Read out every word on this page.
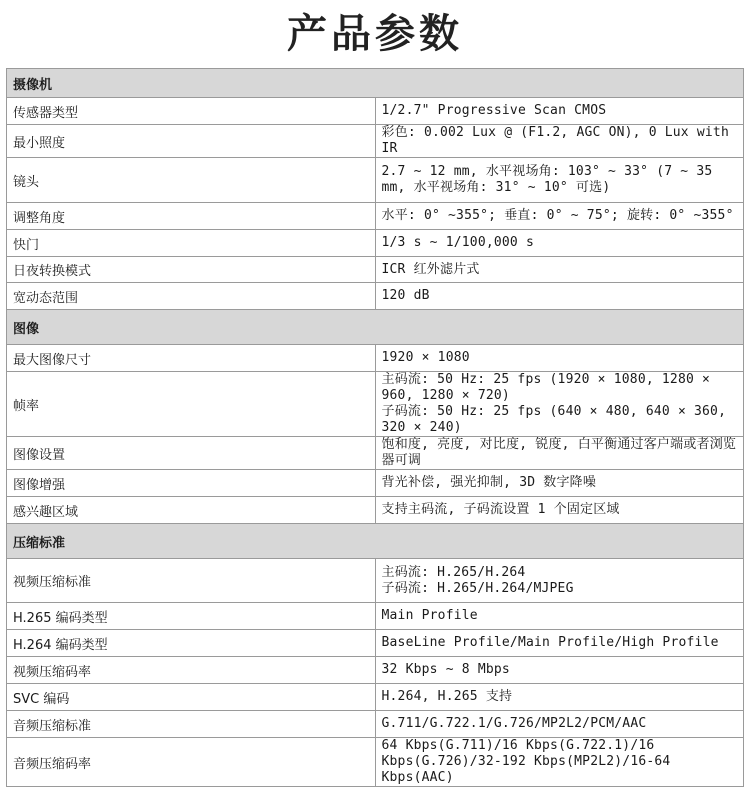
产品参数
摄像机	
传感器类型	1/2.7" Progressive Scan CMOS
最小照度	彩色: 0.002 Lux @ (F1.2, AGC ON), 0 Lux with IR
镜头	2.7 ~ 12 mm, 水平视场角: 103° ~ 33° (7 ~ 35 mm, 水平视场角: 31° ~ 10° 可选)
调整角度	水平: 0° ~355°; 垂直: 0° ~ 75°; 旋转: 0° ~355°
快门	1/3 s ~ 1/100,000 s
日夜转换模式	ICR 红外滤片式
宽动态范围	120 dB
图像	
最大图像尺寸	1920 × 1080
帧率	主码流: 50 Hz: 25 fps (1920 × 1080, 1280 × 960, 1280 × 720)
子码流: 50 Hz: 25 fps (640 × 480, 640 × 360, 320 × 240)

图像设置	饱和度, 亮度, 对比度, 锐度, 白平衡通过客户端或者浏览器可调
图像增强	背光补偿, 强光抑制, 3D 数字降噪
感兴趣区域	支持主码流, 子码流设置 1 个固定区域
压缩标准	
视频压缩标准	主码流: H.265/H.264
子码流: H.265/H.264/MJPEG

H.265 编码类型	Main Profile
H.264 编码类型	BaseLine Profile/Main Profile/High Profile
视频压缩码率	32 Kbps ~ 8 Mbps
SVC 编码	H.264, H.265 支持
音频压缩标准	G.711/G.722.1/G.726/MP2L2/PCM/AAC
音频压缩码率	64 Kbps(G.711)/16 Kbps(G.722.1)/16 Kbps(G.726)/32-192 Kbps(MP2L2)/16-64 Kbps(AAC)
